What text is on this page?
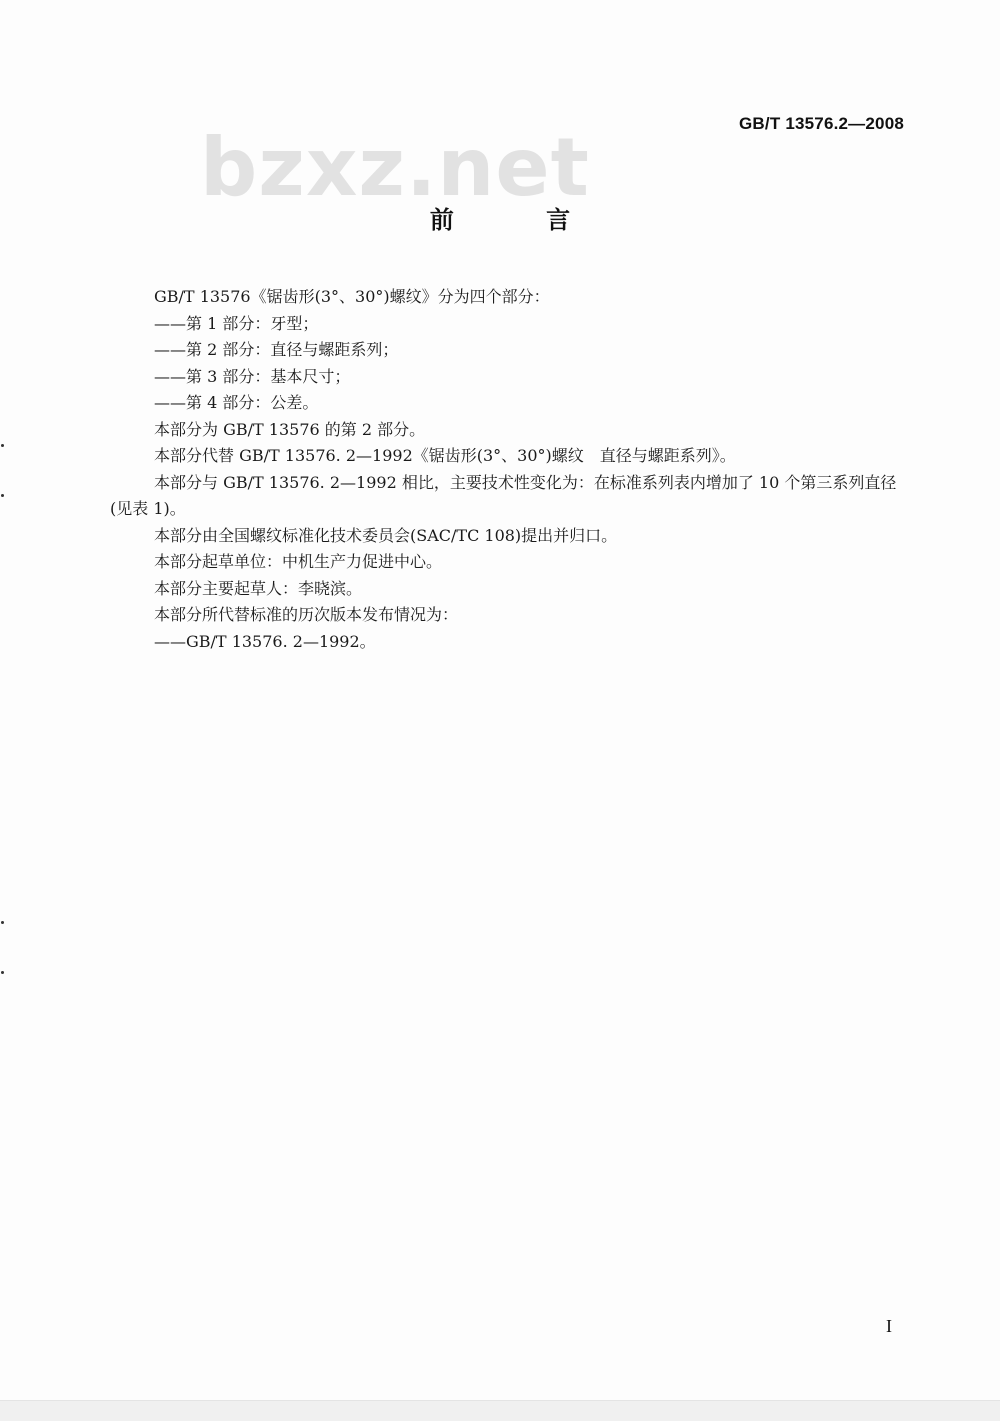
GB/T 13576.2—2008
bzxz.net
前 言

GB/T 13576《锯齿形(3°、30°)螺纹》分为四个部分：

——第 1 部分：牙型；

——第 2 部分：直径与螺距系列；

——第 3 部分：基本尺寸；

——第 4 部分：公差。

本部分为 GB/T 13576 的第 2 部分。

本部分代替 GB/T 13576. 2—1992《锯齿形(3°、30°)螺纹　直径与螺距系列》。

本部分与 GB/T 13576. 2—1992 相比，主要技术性变化为：在标准系列表内增加了 10 个第三系列直径(见表 1)。

本部分由全国螺纹标准化技术委员会(SAC/TC 108)提出并归口。

本部分起草单位：中机生产力促进中心。

本部分主要起草人：李晓滨。

本部分所代替标准的历次版本发布情况为：

——GB/T 13576. 2—1992。

I
